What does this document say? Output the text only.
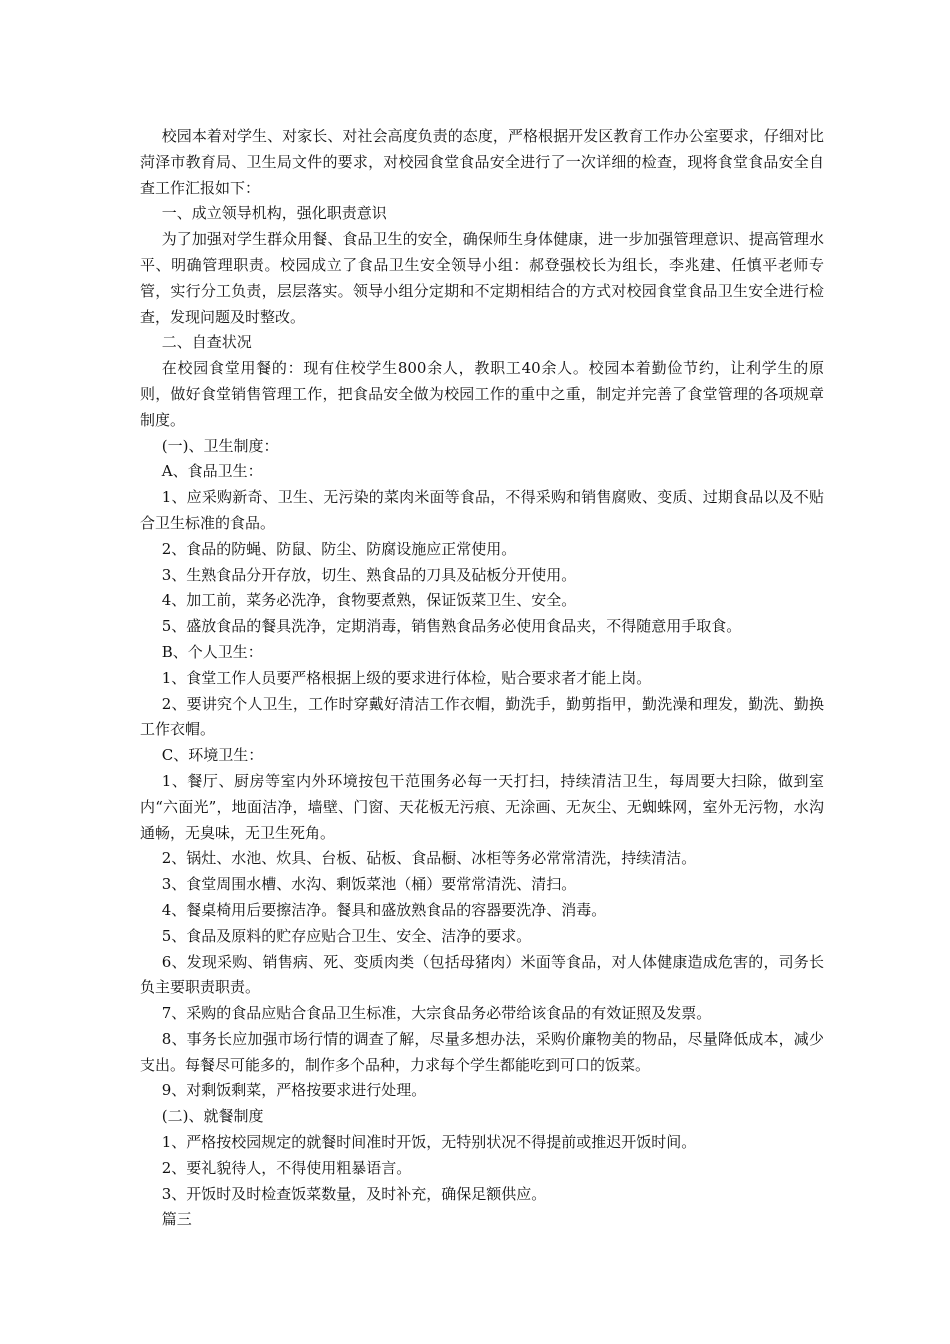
校园本着对学生、对家长、对社会高度负责的态度，严格根据开发区教育工作办公室要求，仔细对比菏泽市教育局、卫生局文件的要求，对校园食堂食品安全进行了一次详细的检查，现将食堂食品安全自查工作汇报如下：

一、成立领导机构，强化职责意识

为了加强对学生群众用餐、食品卫生的安全，确保师生身体健康，进一步加强管理意识、提高管理水平、明确管理职责。校园成立了食品卫生安全领导小组：郝登强校长为组长，李兆建、任慎平老师专管，实行分工负责，层层落实。领导小组分定期和不定期相结合的方式对校园食堂食品卫生安全进行检查，发现问题及时整改。

二、自查状况

在校园食堂用餐的：现有住校学生800余人，教职工40余人。校园本着勤俭节约，让利学生的原则，做好食堂销售管理工作，把食品安全做为校园工作的重中之重，制定并完善了食堂管理的各项规章制度。

(一)、卫生制度：

A、食品卫生：

1、应采购新奇、卫生、无污染的菜肉米面等食品，不得采购和销售腐败、变质、过期食品以及不贴合卫生标准的食品。

2、食品的防蝇、防鼠、防尘、防腐设施应正常使用。

3、生熟食品分开存放，切生、熟食品的刀具及砧板分开使用。

4、加工前，菜务必洗净，食物要煮熟，保证饭菜卫生、安全。

5、盛放食品的餐具洗净，定期消毒，销售熟食品务必使用食品夹，不得随意用手取食。

B、个人卫生：

1、食堂工作人员要严格根据上级的要求进行体检，贴合要求者才能上岗。

2、要讲究个人卫生，工作时穿戴好清洁工作衣帽，勤洗手，勤剪指甲，勤洗澡和理发，勤洗、勤换工作衣帽。

C、环境卫生：

1、餐厅、厨房等室内外环境按包干范围务必每一天打扫，持续清洁卫生，每周要大扫除，做到室内“六面光”，地面洁净，墙壁、门窗、天花板无污痕、无涂画、无灰尘、无蜘蛛网，室外无污物，水沟通畅，无臭味，无卫生死角。

2、锅灶、水池、炊具、台板、砧板、食品橱、冰柜等务必常常清洗，持续清洁。

3、食堂周围水槽、水沟、剩饭菜池（桶）要常常清洗、清扫。

4、餐桌椅用后要擦洁净。餐具和盛放熟食品的容器要洗净、消毒。

5、食品及原料的贮存应贴合卫生、安全、洁净的要求。

6、发现采购、销售病、死、变质肉类（包括母猪肉）米面等食品，对人体健康造成危害的，司务长负主要职责职责。

7、采购的食品应贴合食品卫生标准，大宗食品务必带给该食品的有效证照及发票。

8、事务长应加强市场行情的调查了解，尽量多想办法，采购价廉物美的物品，尽量降低成本，减少支出。每餐尽可能多的，制作多个品种，力求每个学生都能吃到可口的饭菜。

9、对剩饭剩菜，严格按要求进行处理。

(二)、就餐制度

1、严格按校园规定的就餐时间准时开饭，无特别状况不得提前或推迟开饭时间。

2、要礼貌待人，不得使用粗暴语言。

3、开饭时及时检查饭菜数量，及时补充，确保足额供应。

篇三
